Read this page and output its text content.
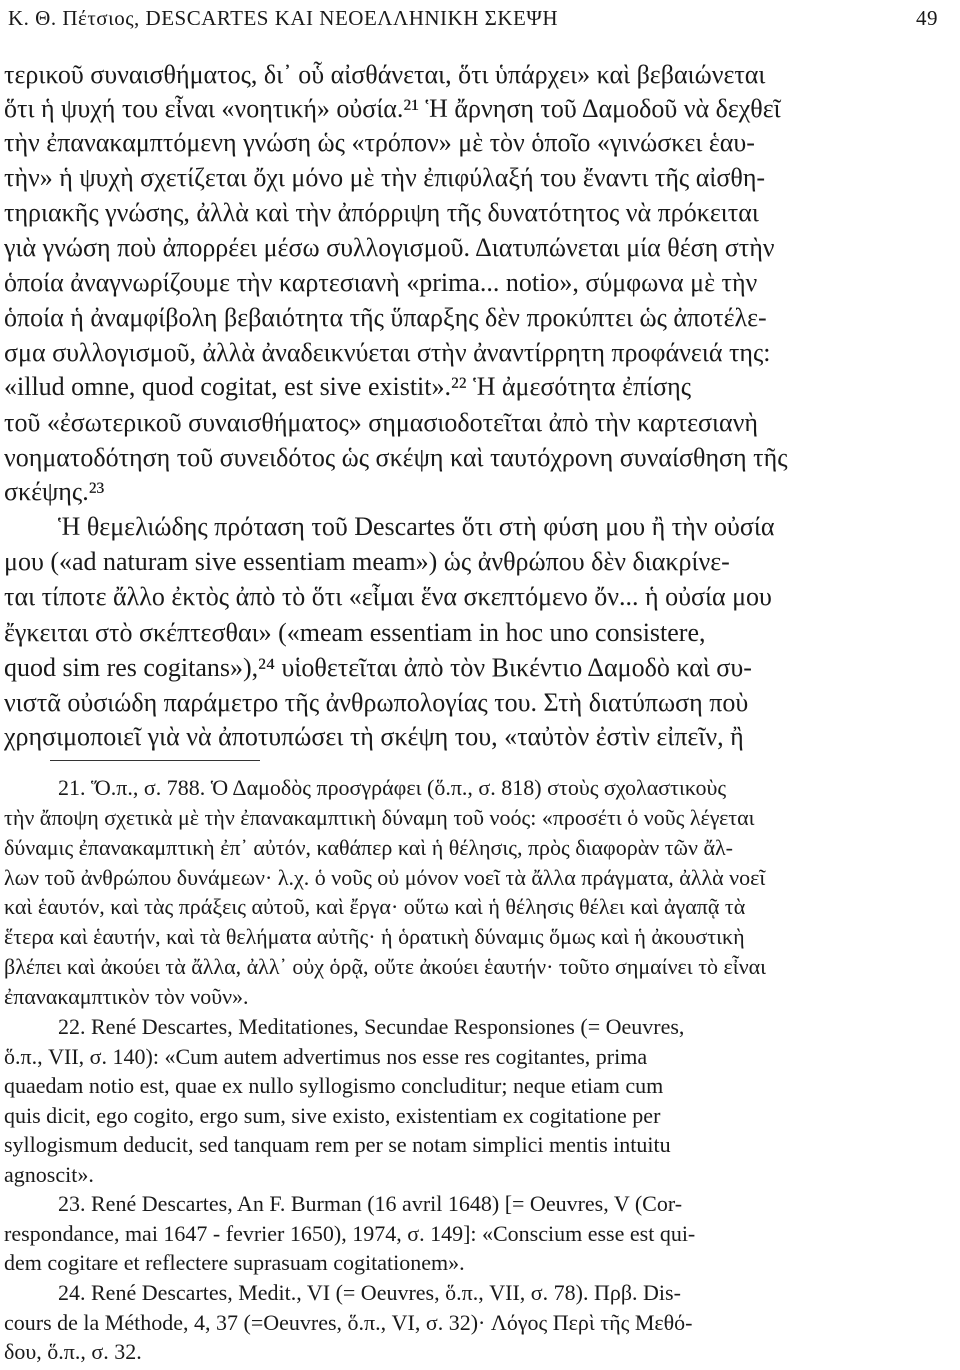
Κ. Θ. Πέτσιος, DESCARTES ΚΑΙ ΝΕΟΕΛΛΗΝΙΚΗ ΣΚΕΨΗ	49
τερικοῦ συναισθήματος, δι᾽ οὗ αἰσθάνεται, ὅτι ὑπάρχει» καὶ βεβαιώνεται
ὅτι ἡ ψυχή του εἶναι «νοητική» οὐσία.²¹ Ἡ ἄρνηση τοῦ Δαμοδοῦ νὰ δεχθεῖ
τὴν ἐπανακαμπτόμενη γνώση ὡς «τρόπον» μὲ τὸν ὁποῖο «γινώσκει ἑαυ-
τὴν» ἡ ψυχὴ σχετίζεται ὄχι μόνο μὲ τὴν ἐπιφύλαξή του ἔναντι τῆς αἰσθη-
τηριακῆς γνώσης, ἀλλὰ καὶ τὴν ἀπόρριψη τῆς δυνατότητος νὰ πρόκειται
γιὰ γνώση ποὺ ἀπορρέει μέσω συλλογισμοῦ. Διατυπώνεται μία θέση στὴν
ὁποία ἀναγνωρίζουμε τὴν καρτεσιανὴ «prima... notio», σύμφωνα μὲ τὴν
ὁποία ἡ ἀναμφίβολη βεβαιότητα τῆς ὕπαρξης δὲν προκύπτει ὡς ἀποτέλε-
σμα συλλογισμοῦ, ἀλλὰ ἀναδεικνύεται στὴν ἀναντίρρητη προφάνειά της:
«illud omne, quod cogitat, est sive existit».²² Ἡ ἀμεσότητα ἐπίσης
τοῦ «ἐσωτερικοῦ συναισθήματος» σημασιοδοτεῖται ἀπὸ τὴν καρτεσιανὴ
νοηματοδότηση τοῦ συνειδότος ὡς σκέψη καὶ ταυτόχρονη συναίσθηση τῆς
σκέψης.²³
Ἡ θεμελιώδης πρόταση τοῦ Descartes ὅτι στὴ φύση μου ἢ τὴν οὐσία
μου («ad naturam sive essentiam meam») ὡς ἀνθρώπου δὲν διακρίνε-
ται τίποτε ἄλλο ἐκτὸς ἀπὸ τὸ ὅτι «εἶμαι ἕνα σκεπτόμενο ὄν... ἡ οὐσία μου
ἔγκειται στὸ σκέπτεσθαι» («meam essentiam in hoc uno consistere,
quod sim res cogitans»),²⁴ υἱοθετεῖται ἀπὸ τὸν Βικέντιο Δαμοδὸ καὶ συ-
νιστᾶ οὐσιώδη παράμετρο τῆς ἀνθρωπολογίας του. Στὴ διατύπωση ποὺ
χρησιμοποιεῖ γιὰ νὰ ἀποτυπώσει τὴ σκέψη του, «ταὐτὸν ἐστὶν εἰπεῖν, ἢ
21. Ὅ.π., σ. 788. Ὁ Δαμοδὸς προσγράφει (ὅ.π., σ. 818) στοὺς σχολαστικοὺς
τὴν ἄποψη σχετικὰ μὲ τὴν ἐπανακαμπτικὴ δύναμη τοῦ νοός: «προσέτι ὁ νοῦς λέγεται
δύναμις ἐπανακαμπτικὴ ἐπ᾽ αὐτόν, καθάπερ καὶ ἡ θέλησις, πρὸς διαφορὰν τῶν ἄλ-
λων τοῦ ἀνθρώπου δυνάμεων· λ.χ. ὁ νοῦς οὐ μόνον νοεῖ τὰ ἄλλα πράγματα, ἀλλὰ νοεῖ
καὶ ἑαυτόν, καὶ τὰς πράξεις αὐτοῦ, καὶ ἔργα· οὕτω καὶ ἡ θέλησις θέλει καὶ ἀγαπᾷ τὰ
ἕτερα καὶ ἑαυτήν, καὶ τὰ θελήματα αὐτῆς· ἡ ὁρατικὴ δύναμις ὅμως καὶ ἡ ἀκουστικὴ
βλέπει καὶ ἀκούει τὰ ἄλλα, ἀλλ᾽ οὐχ ὁρᾷ, οὔτε ἀκούει ἑαυτήν· τοῦτο σημαίνει τὸ εἶναι
ἐπανακαμπτικὸν τὸν νοῦν».
22. René Descartes, Meditationes, Secundae Responsiones (= Oeuvres,
ὅ.π., VII, σ. 140): «Cum autem advertimus nos esse res cogitantes, prima
quaedam notio est, quae ex nullo syllogismo concluditur; neque etiam cum
quis dicit, ego cogito, ergo sum, sive existo, existentiam ex cogitatione per
syllogismum deducit, sed tanquam rem per se notam simplici mentis intuitu
agnoscit».
23. René Descartes, An F. Burman (16 avril 1648) [= Oeuvres, V (Cor-
respondance, mai 1647 - fevrier 1650), 1974, σ. 149]: «Conscium esse est qui-
dem cogitare et reflectere suprasuam cogitationem».
24. René Descartes, Medit., VI (= Oeuvres, ὅ.π., VII, σ. 78). Πρβ. Dis-
cours de la Méthode, 4, 37 (=Oeuvres, ὅ.π., VI, σ. 32)· Λόγος Περὶ τῆς Μεθό-
δου, ὅ.π., σ. 32.
